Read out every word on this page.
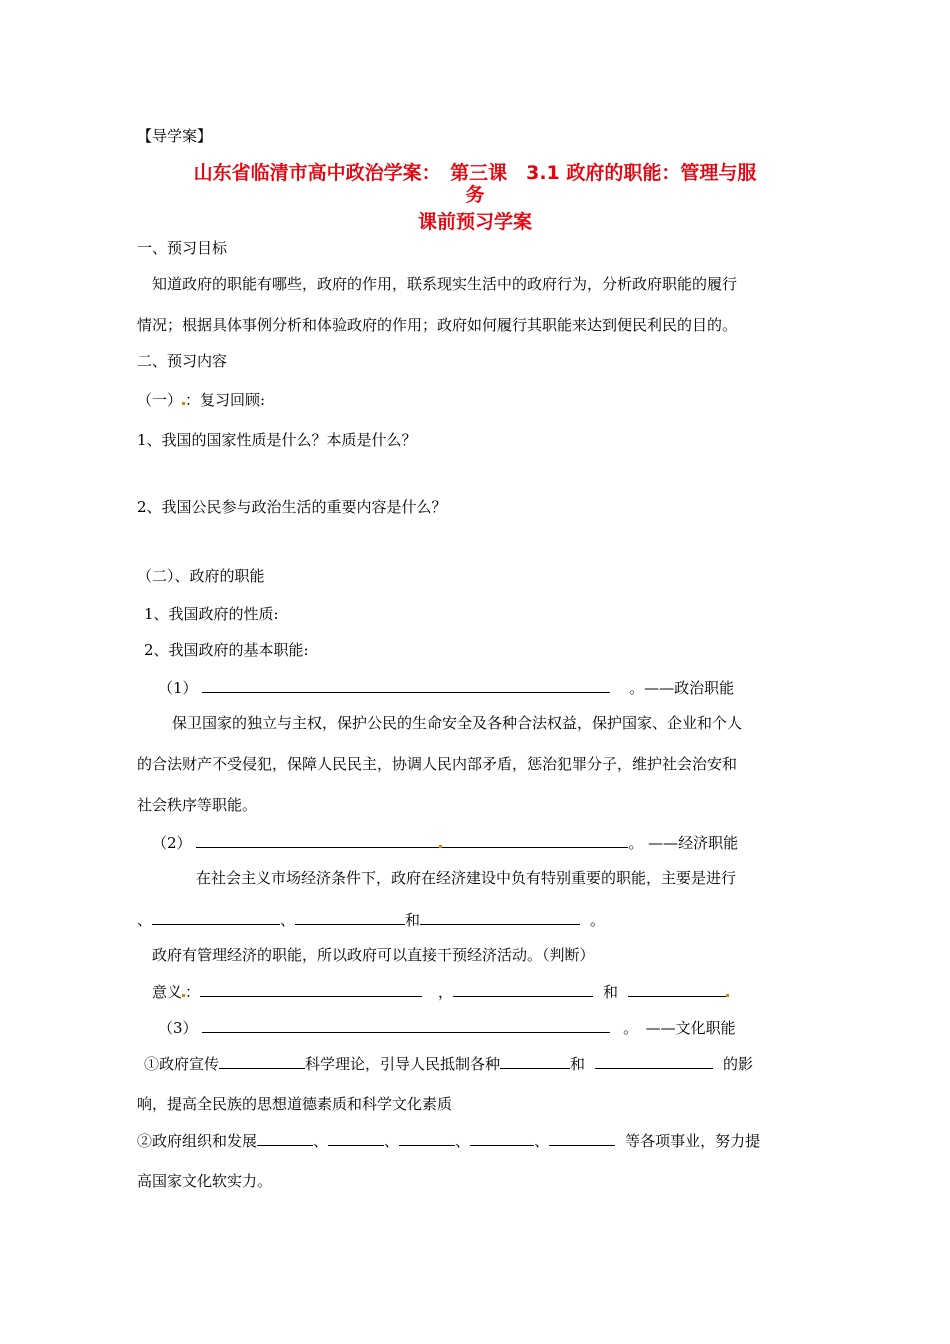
【导学案】
山东省临清市高中政治学案：　第三课　3.1 政府的职能：管理与服
务
课前预习学案
一、预习目标
知道政府的职能有哪些，政府的作用，联系现实生活中的政府行为，分析政府职能的履行
情况；根据具体事例分析和体验政府的作用；政府如何履行其职能来达到便民利民的目的。
二、预习内容
（一） ：复习回顾:
1、我国的国家性质是什么？本质是什么？
2、我国公民参与政治生活的重要内容是什么？
（二）、政府的职能
1、我国政府的性质:
2、我国政府的基本职能:
（1）	。——政治职能
保卫国家的独立与主权，保护公民的生命安全及各种合法权益，保护国家、企业和个人
的合法财产不受侵犯，保障人民民主，协调人民内部矛盾，惩治犯罪分子，维护社会治安和
社会秩序等职能。
（2）	。 ——经济职能
在社会主义市场经济条件下，政府在经济建设中负有特别重要的职能，主要是进行
、	、	和	。
政府有管理经济的职能，所以政府可以直接干预经济活动。（判断）
意义 ：	，	和
（3）	。　——文化职能
①政府宣传	科学理论，引导人民抵制各种	和	的影
响，提高全民族的思想道德素质和科学文化素质
②政府组织和发展	、	、	、	、	等各项事业，努力提
高国家文化软实力。
